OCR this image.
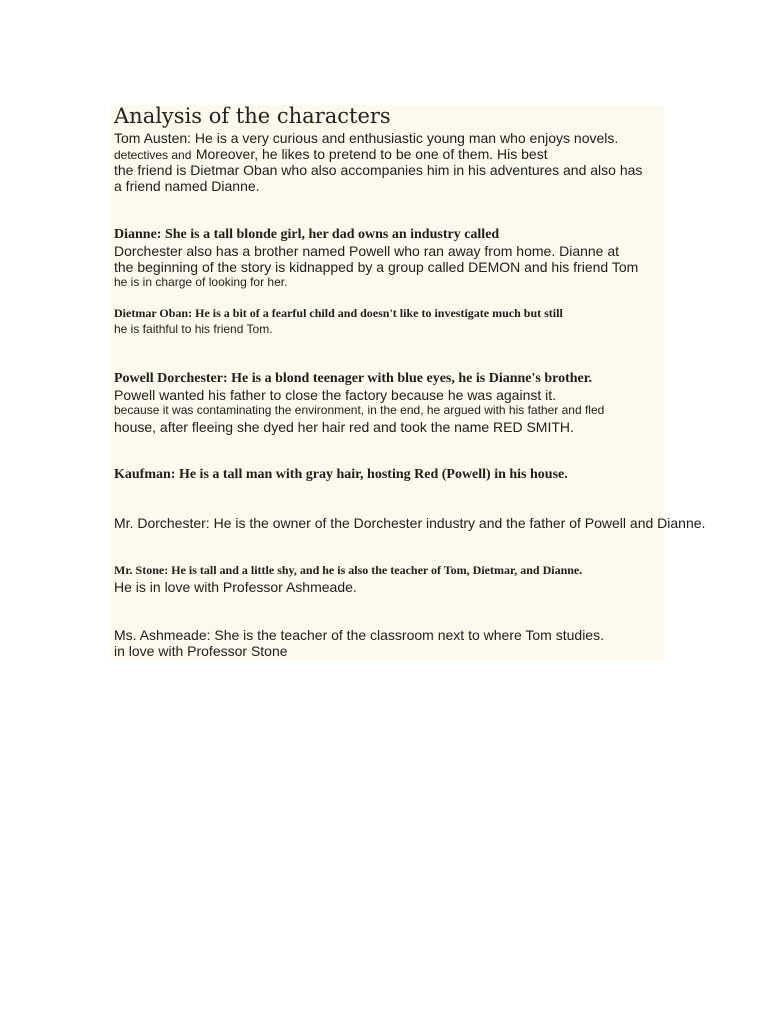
Analysis of the characters
Tom Austen: He is a very curious and enthusiastic young man who enjoys novels.
detectives and Moreover, he likes to pretend to be one of them. His best
the friend is Dietmar Oban who also accompanies him in his adventures and also has
a friend named Dianne.
Dianne: She is a tall blonde girl, her dad owns an industry called
Dorchester also has a brother named Powell who ran away from home. Dianne at
the beginning of the story is kidnapped by a group called DEMON and his friend Tom
he is in charge of looking for her.
Dietmar Oban: He is a bit of a fearful child and doesn't like to investigate much but still
he is faithful to his friend Tom.
Powell Dorchester: He is a blond teenager with blue eyes, he is Dianne's brother.
Powell wanted his father to close the factory because he was against it.
because it was contaminating the environment, in the end, he argued with his father and fled
house, after fleeing she dyed her hair red and took the name RED SMITH.
Kaufman: He is a tall man with gray hair, hosting Red (Powell) in his house.
Mr. Dorchester: He is the owner of the Dorchester industry and the father of Powell and Dianne.
Mr. Stone: He is tall and a little shy, and he is also the teacher of Tom, Dietmar, and Dianne.
He is in love with Professor Ashmeade.
Ms. Ashmeade: She is the teacher of the classroom next to where Tom studies.
in love with Professor Stone
